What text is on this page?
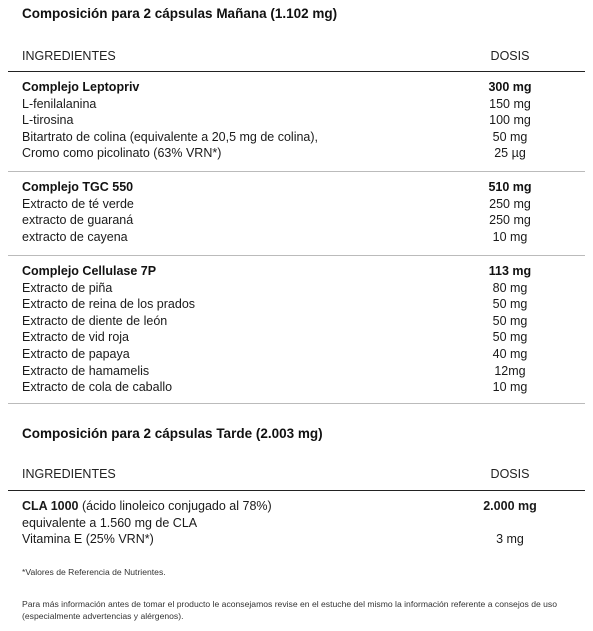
Composición para 2 cápsulas Mañana (1.102 mg)
INGREDIENTES	DOSIS
Complejo Leptopriv	300 mg
L-fenilalanina	150 mg
L-tirosina	100 mg
Bitartrato de colina (equivalente a 20,5 mg de colina),	50 mg
Cromo como picolinato (63% VRN*)	25 µg
Complejo TGC 550	510 mg
Extracto de té verde	250 mg
extracto de guaraná	250 mg
extracto de cayena	10 mg
Complejo Cellulase 7P	113 mg
Extracto de piña	80 mg
Extracto de reina de los prados	50 mg
Extracto de diente de león	50 mg
Extracto de vid roja	50 mg
Extracto de papaya	40 mg
Extracto de hamamelis	12mg
Extracto de cola de caballo	10 mg
Composición para 2 cápsulas Tarde (2.003 mg)
INGREDIENTES	DOSIS
CLA 1000 (ácido linoleico conjugado al 78%)	2.000 mg
equivalente a 1.560 mg de CLA
Vitamina E (25% VRN*)	3 mg
*Valores de Referencia de Nutrientes.
Para más información antes de tomar el producto le aconsejamos revise en el estuche del mismo la información referente a consejos de uso (especialmente advertencias y alérgenos).
